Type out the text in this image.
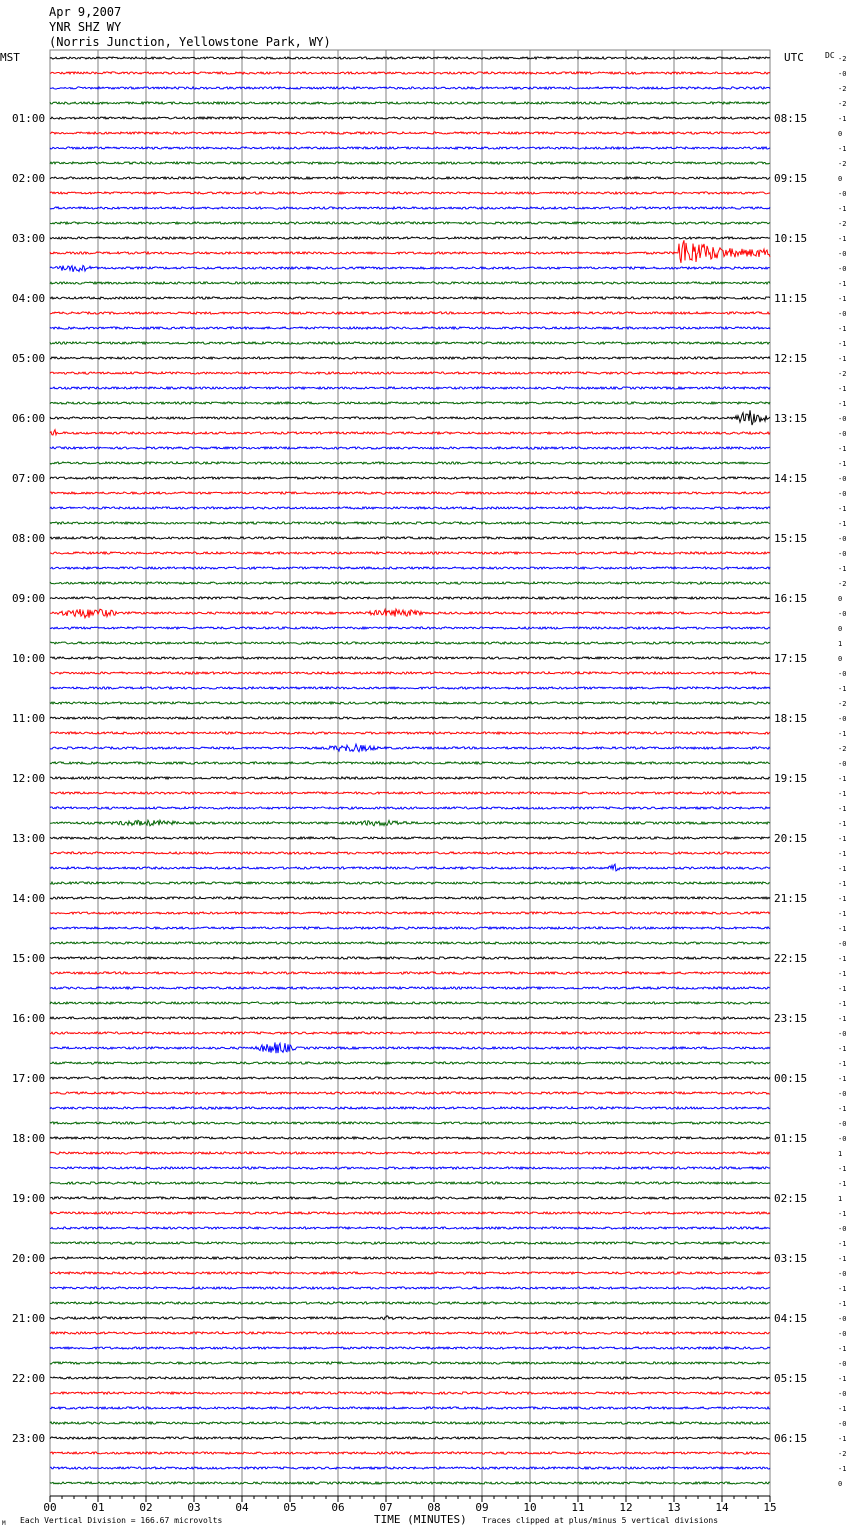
Apr 9,2007
YNR SHZ WY
(Norris Junction, Yellowstone Park, WY)
MST	UTC	DC
01:00
02:00
03:00
04:00
05:00
06:00
07:00
08:00
09:00
10:00
11:00
12:00
13:00
14:00
15:00
16:00
17:00
18:00
19:00
20:00
21:00
22:00
23:00
08:15
09:15
10:15
11:15
12:15
13:15
14:15
15:15
16:15
17:15
18:15
19:15
20:15
21:15
22:15
23:15
00:15
01:15
02:15
03:15
04:15
05:15
06:15
-2
-0
-2
-2
-1
0
-1
-2
0
-0
-1
-2
-1
-0
-0
-1
-1
-0
-1
-1
-1
-2
-1
-1
-0
-0
-1
-1
-0
-0
-1
-1
-0
-0
-1
-2
0
-0
0
1
0
-0
-1
-2
-0
-1
-2
-0
-1
-1
-1
-1
-1
-1
-1
-1
-1
-1
-1
-0
-1
-1
-1
-1
-1
-0
-1
-1
-1
-0
-1
-0
-0
1
-1
-1
1
-1
-0
-1
-1
-0
-1
-1
-0
-0
-1
-0
-1
-0
-1
-0
-1
-2
-1
0
00	01	02	03	04	05	06	07	08	09	10	11	12	13	14	15
M Each Vertical Division = 166.67 microvolts	TIME (MINUTES) Traces clipped at plus/minus 5 vertical divisions
